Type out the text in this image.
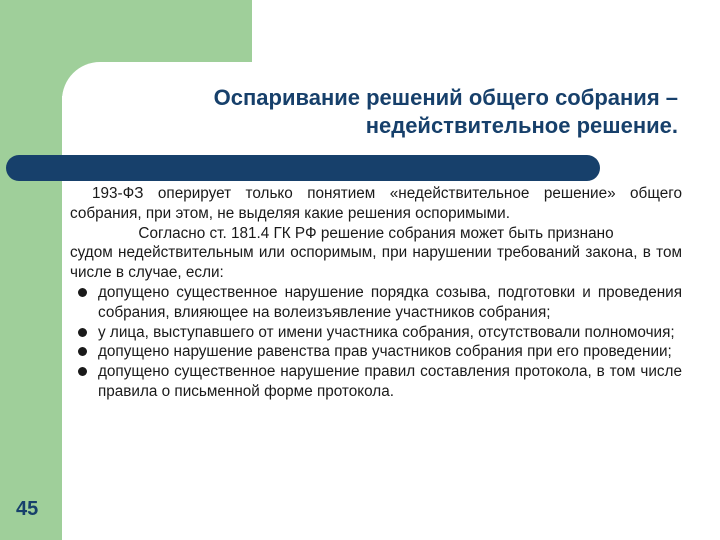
Оспаривание решений общего собрания –
недействительное решение.

193-ФЗ оперирует только понятием «недействительное решение» общего собрания, при этом, не выделяя какие решения оспоримыми.

Согласно ст. 181.4 ГК РФ решение собрания может быть признано

судом недействительным или оспоримым, при нарушении требований закона, в том числе в случае, если:

допущено существенное нарушение порядка созыва, подготовки и проведения собрания, влияющее на волеизъявление участников собрания;
у лица, выступавшего от имени участника собрания, отсутствовали полномочия;
допущено нарушение равенства прав участников собрания при его проведении;
допущено существенное нарушение правил составления протокола, в том числе правила о письменной форме протокола.
45
